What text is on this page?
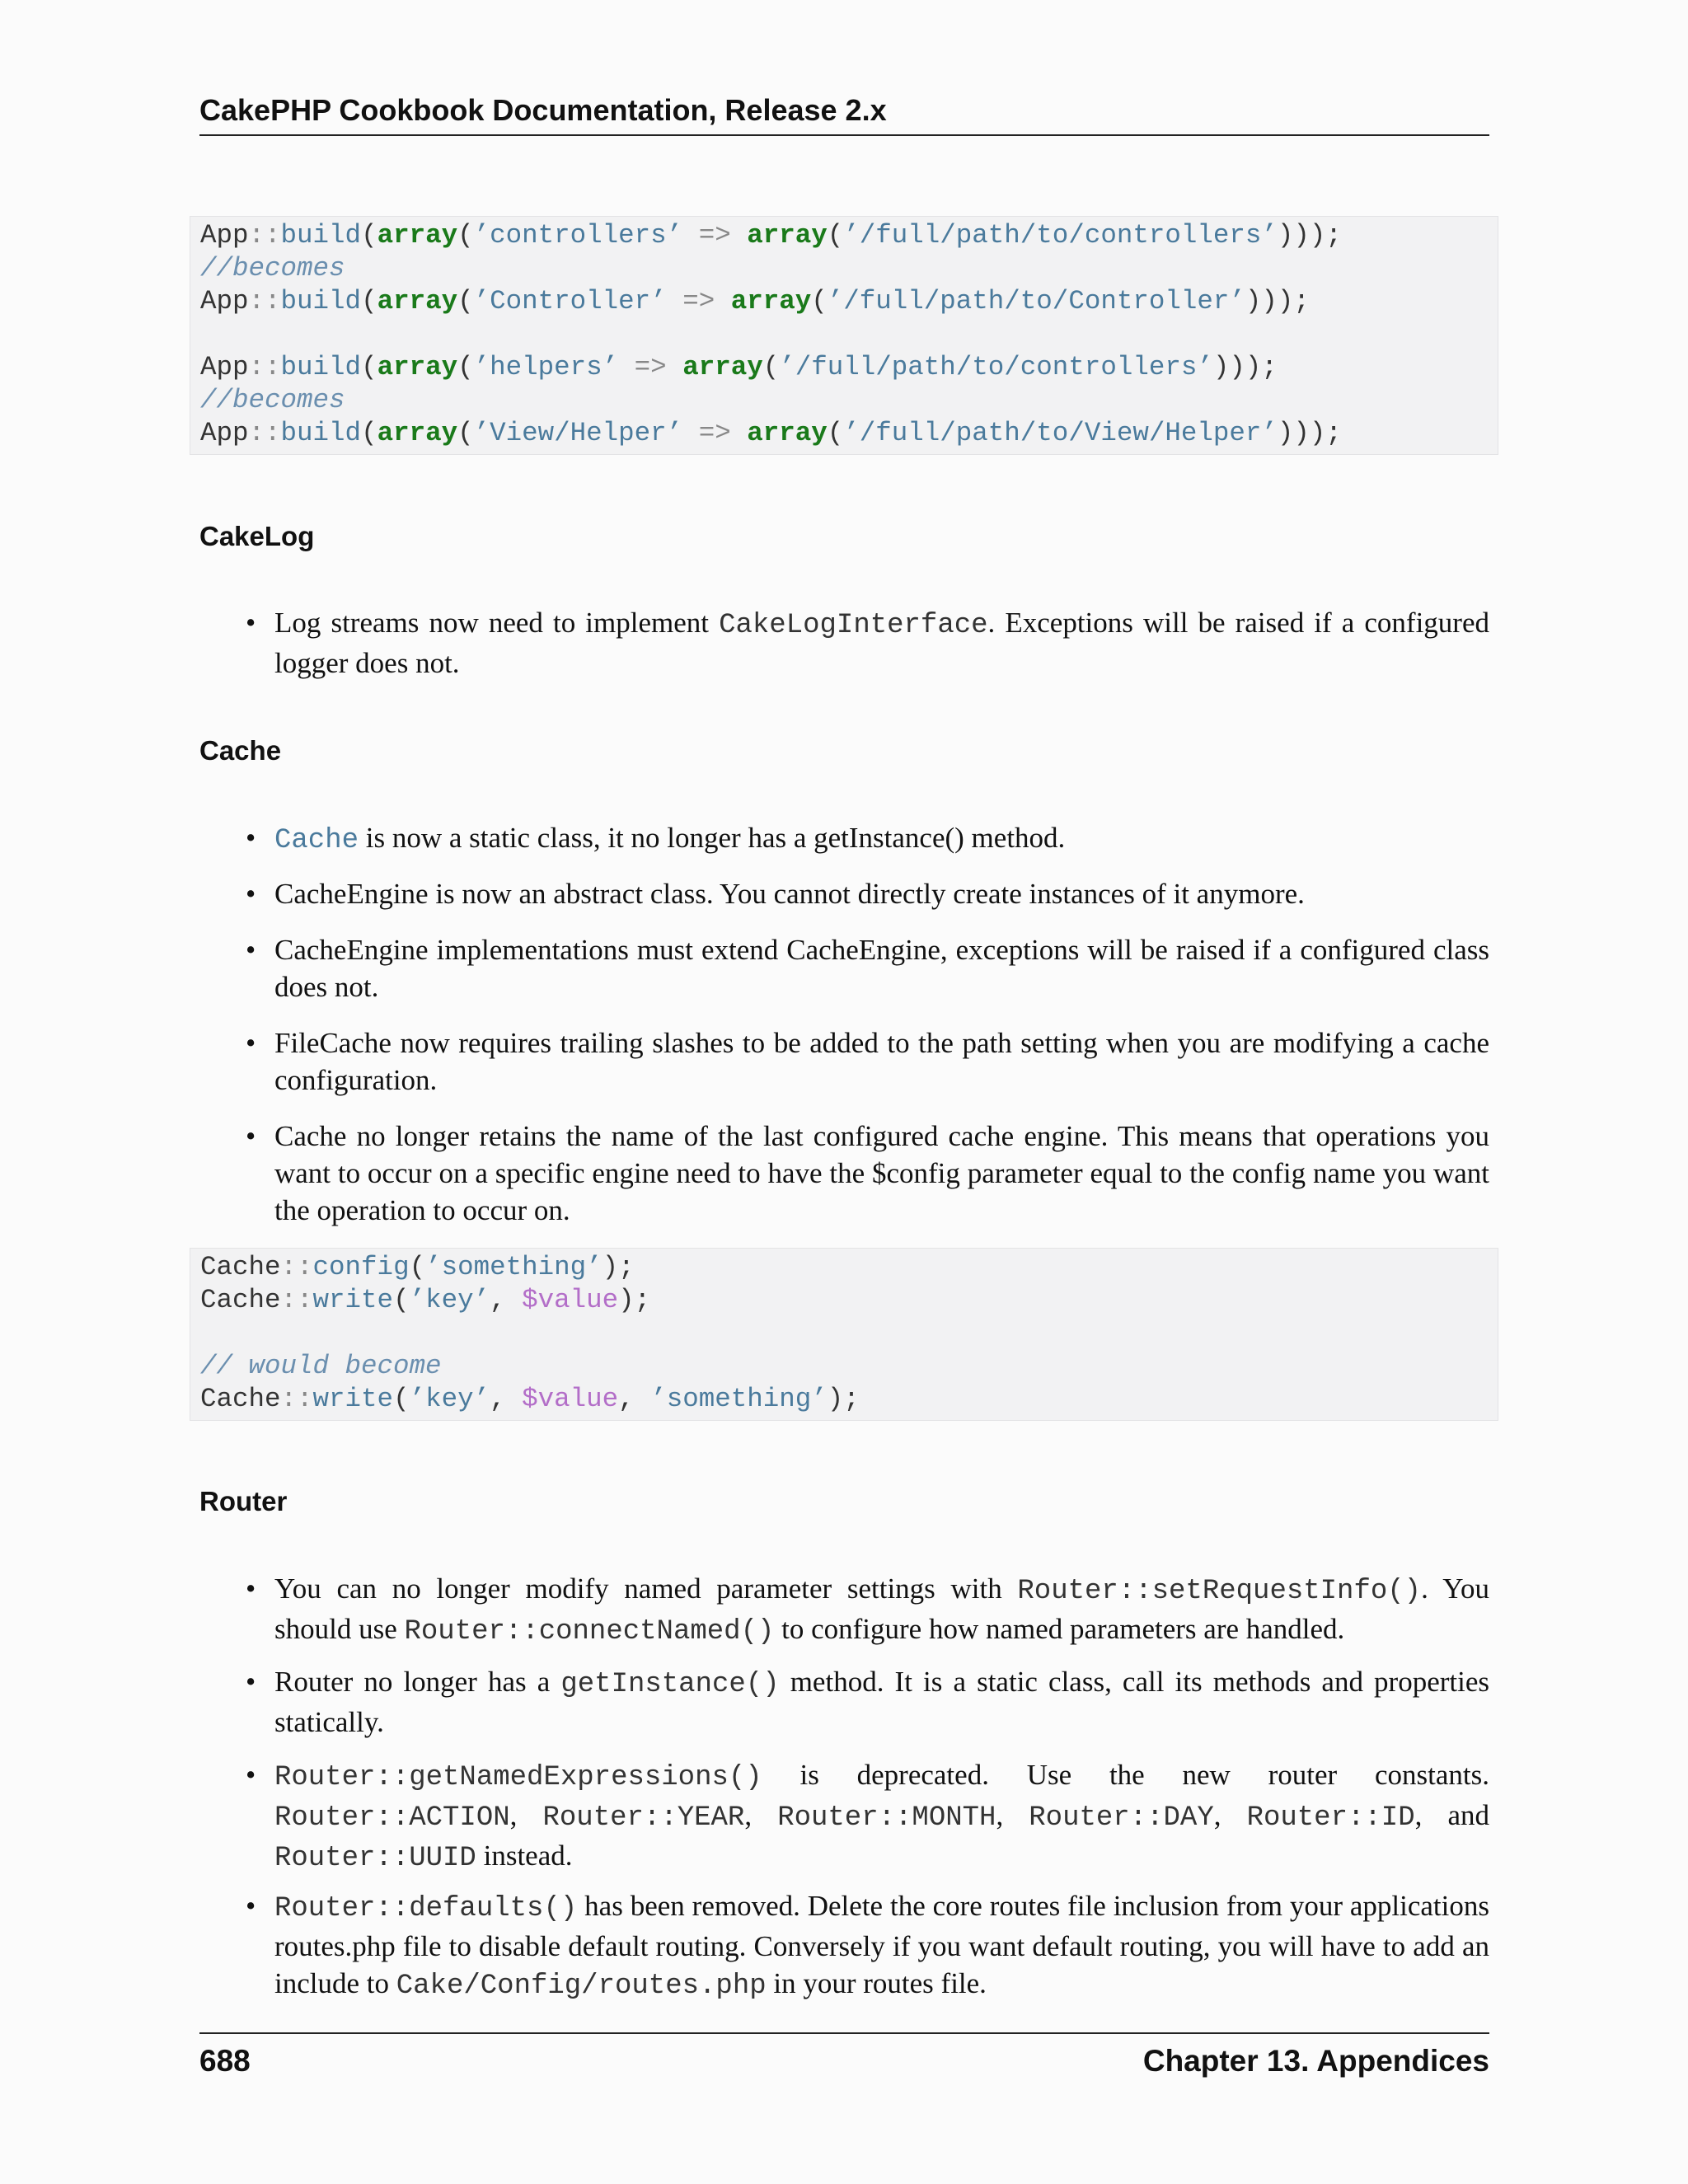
CakePHP Cookbook Documentation, Release 2.x
App::build(array(’controllers’ => array(’/full/path/to/controllers’)));
//becomes
App::build(array(’Controller’ => array(’/full/path/to/Controller’)));

App::build(array(’helpers’ => array(’/full/path/to/controllers’)));
//becomes
App::build(array(’View/Helper’ => array(’/full/path/to/View/Helper’)));
CakeLog
• Log streams now need to implement CakeLogInterface. Exceptions will be raised if a configured logger does not.
Cache
• Cache is now a static class, it no longer has a getInstance() method.
• CacheEngine is now an abstract class. You cannot directly create instances of it anymore.
• CacheEngine implementations must extend CacheEngine, exceptions will be raised if a configured class does not.
• FileCache now requires trailing slashes to be added to the path setting when you are modifying a cache configuration.
• Cache no longer retains the name of the last configured cache engine. This means that operations you want to occur on a specific engine need to have the $config parameter equal to the config name you want the operation to occur on.
Cache::config(’something’);
Cache::write(’key’, $value);

// would become
Cache::write(’key’, $value, ’something’);
Router
• You can no longer modify named parameter settings with Router::setRequestInfo(). You should use Router::connectNamed() to configure how named parameters are handled.
• Router no longer has a getInstance() method. It is a static class, call its methods and properties statically.
• Router::getNamedExpressions() is deprecated. Use the new router constants. Router::ACTION, Router::YEAR, Router::MONTH, Router::DAY, Router::ID, and Router::UUID instead.
• Router::defaults() has been removed. Delete the core routes file inclusion from your applications routes.php file to disable default routing. Conversely if you want default routing, you will have to add an include to Cake/Config/routes.php in your routes file.
688	Chapter 13. Appendices
